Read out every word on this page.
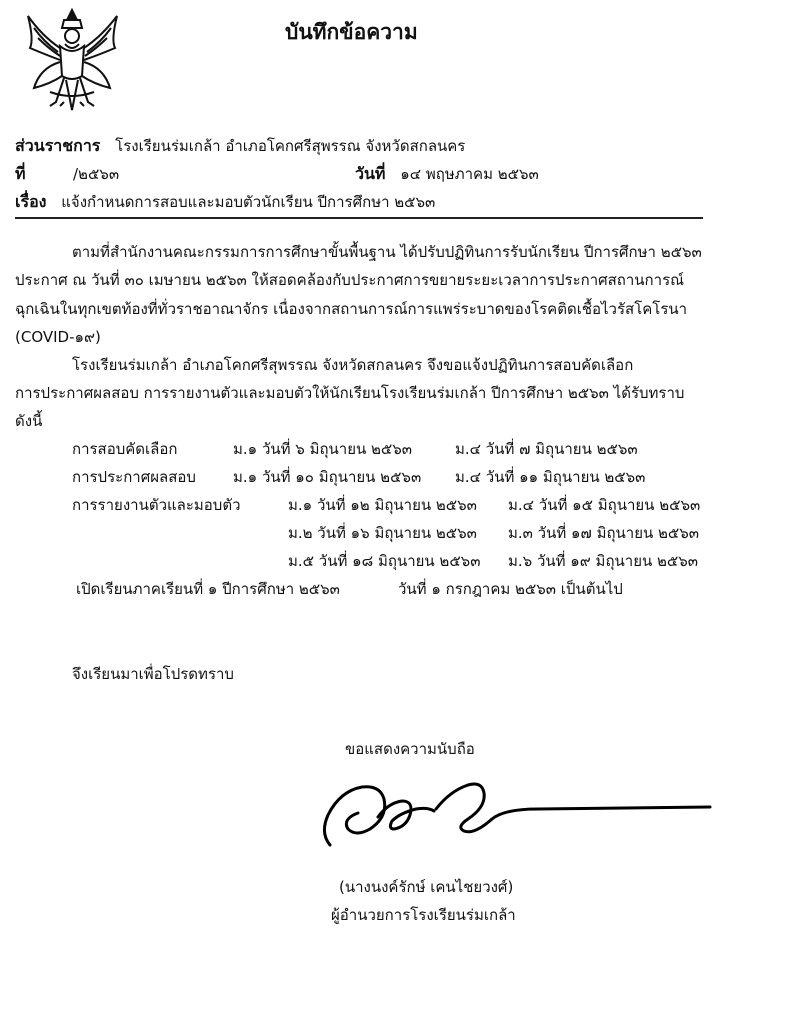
บันทึกข้อความ
ส่วนราชการ โรงเรียนร่มเกล้า อำเภอโคกศรีสุพรรณ จังหวัดสกลนคร
ที่	/๒๕๖๓	วันที่ ๑๔ พฤษภาคม ๒๕๖๓
เรื่อง แจ้งกำหนดการสอบและมอบตัวนักเรียน ปีการศึกษา ๒๕๖๓
ตามที่สำนักงานคณะกรรมการการศึกษาขั้นพื้นฐาน ได้ปรับปฏิทินการรับนักเรียน ปีการศึกษา ๒๕๖๓
ประกาศ ณ วันที่ ๓๐ เมษายน ๒๕๖๓ ให้สอดคล้องกับประกาศการขยายระยะเวลาการประกาศสถานการณ์
ฉุกเฉินในทุกเขตท้องที่ทั่วราชอาณาจักร เนื่องจากสถานการณ์การแพร่ระบาดของโรคติดเชื้อไวรัสโคโรนา
(COVID-๑๙)
โรงเรียนร่มเกล้า อำเภอโคกศรีสุพรรณ จังหวัดสกลนคร จึงขอแจ้งปฏิทินการสอบคัดเลือก
การประกาศผลสอบ การรายงานตัวและมอบตัวให้นักเรียนโรงเรียนร่มเกล้า ปีการศึกษา ๒๕๖๓ ได้รับทราบ
ดังนี้
การสอบคัดเลือก	ม.๑ วันที่ ๖ มิถุนายน ๒๕๖๓	ม.๔ วันที่ ๗ มิถุนายน ๒๕๖๓
การประกาศผลสอบ ม.๑ วันที่ ๑๐ มิถุนายน ๒๕๖๓ ม.๔ วันที่ ๑๑ มิถุนายน ๒๕๖๓
การรายงานตัวและมอบตัว	ม.๑ วันที่ ๑๒ มิถุนายน ๒๕๖๓ ม.๔ วันที่ ๑๕ มิถุนายน ๒๕๖๓
ม.๒ วันที่ ๑๖ มิถุนายน ๒๕๖๓ ม.๓ วันที่ ๑๗ มิถุนายน ๒๕๖๓
ม.๕ วันที่ ๑๘ มิถุนายน ๒๕๖๓ ม.๖ วันที่ ๑๙ มิถุนายน ๒๕๖๓
เปิดเรียนภาคเรียนที่ ๑ ปีการศึกษา ๒๕๖๓	วันที่ ๑ กรกฎาคม ๒๕๖๓ เป็นต้นไป
จึงเรียนมาเพื่อโปรดทราบ
ขอแสดงความนับถือ
(นางนงค์รักษ์ เคนไชยวงศ์)
ผู้อำนวยการโรงเรียนร่มเกล้า
